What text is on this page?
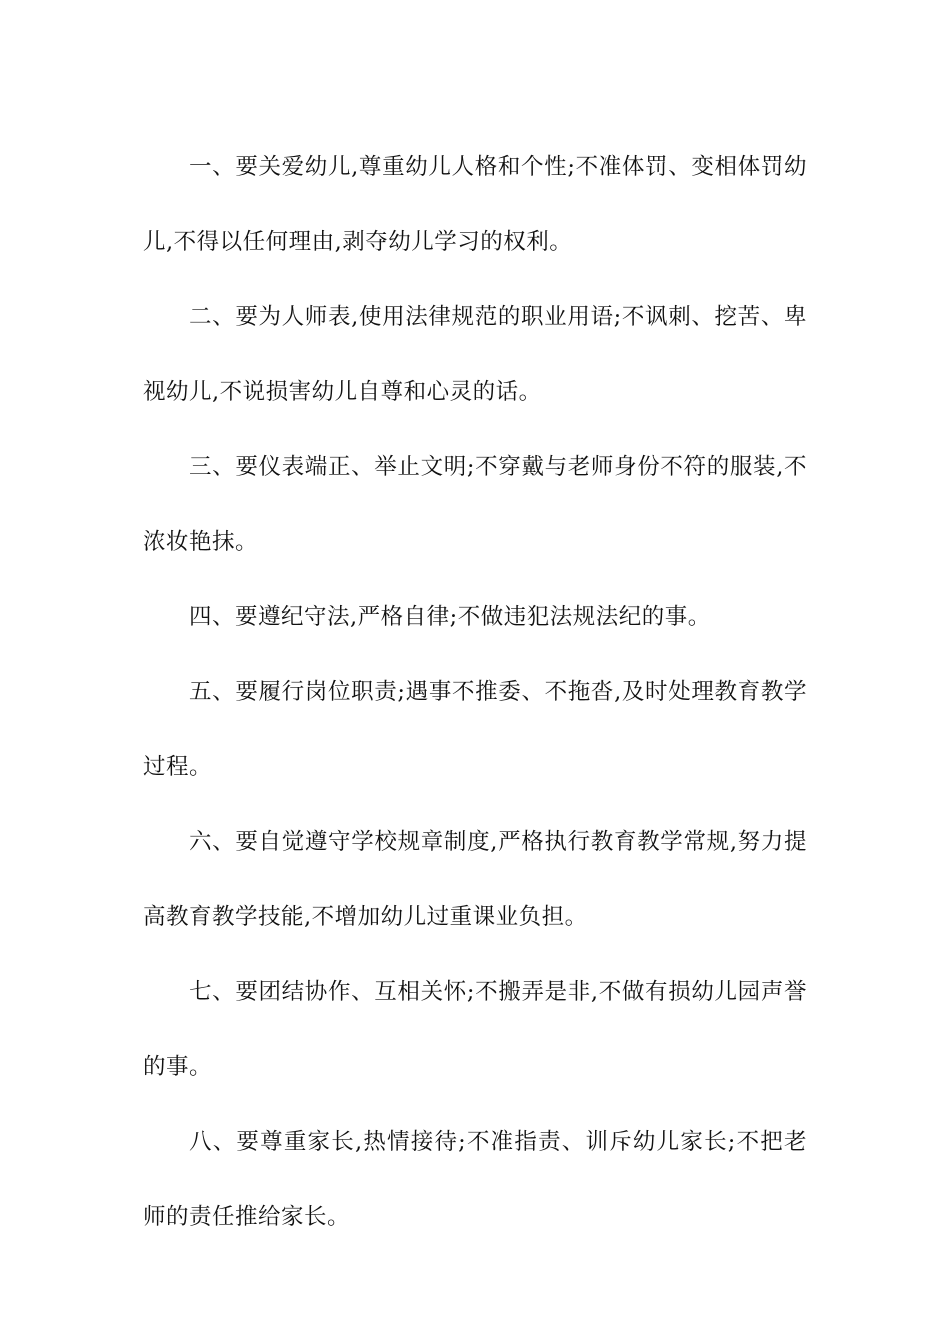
一、要关爱幼儿,尊重幼儿人格和个性;不准体罚、变相体罚幼儿,不得以任何理由,剥夺幼儿学习的权利。

二、要为人师表,使用法律规范的职业用语;不讽刺、挖苦、卑视幼儿,不说损害幼儿自尊和心灵的话。

三、要仪表端正、举止文明;不穿戴与老师身份不符的服装,不浓妆艳抹。

四、要遵纪守法,严格自律;不做违犯法规法纪的事。

五、要履行岗位职责;遇事不推委、不拖沓,及时处理教育教学过程。

六、要自觉遵守学校规章制度,严格执行教育教学常规,努力提高教育教学技能,不增加幼儿过重课业负担。

七、要团结协作、互相关怀;不搬弄是非,不做有损幼儿园声誉的事。

八、要尊重家长,热情接待;不准指责、训斥幼儿家长;不把老师的责任推给家长。
